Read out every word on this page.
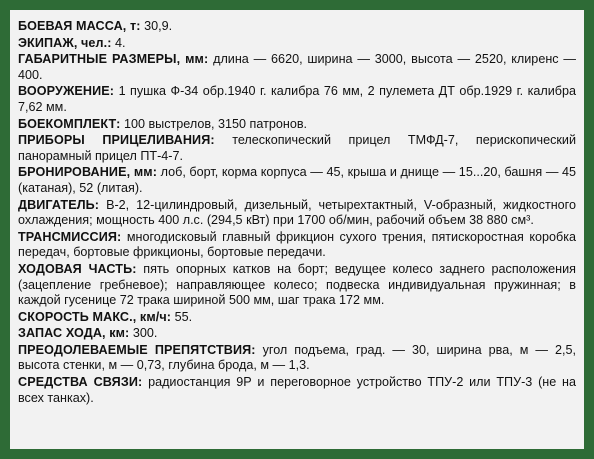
БОЕВАЯ МАССА, т: 30,9.
ЭКИПАЖ, чел.: 4.
ГАБАРИТНЫЕ РАЗМЕРЫ, мм: длина — 6620, ширина — 3000, высота — 2520, клиренс — 400.
ВООРУЖЕНИЕ: 1 пушка Ф-34 обр.1940 г. калибра 76 мм, 2 пулемета ДТ обр.1929 г. калибра 7,62 мм.
БОЕКОМПЛЕКТ: 100 выстрелов, 3150 патронов.
ПРИБОРЫ ПРИЦЕЛИВАНИЯ: телескопический прицел ТМФД-7, перископический панорамный прицел ПТ-4-7.
БРОНИРОВАНИЕ, мм: лоб, борт, корма корпуса — 45, крыша и днище — 15...20, башня — 45 (катаная), 52 (литая).
ДВИГАТЕЛЬ: В-2, 12-цилиндровый, дизельный, четырехтактный, V-образный, жидкостного охлаждения; мощность 400 л.с. (294,5 кВт) при 1700 об/мин, рабочий объем 38 880 см³.
ТРАНСМИССИЯ: многодисковый главный фрикцион сухого трения, пятискоростная коробка передач, бортовые фрикционы, бортовые передачи.
ХОДОВАЯ ЧАСТЬ: пять опорных катков на борт; ведущее колесо заднего расположения (зацепление гребневое); направляющее колесо; подвеска индивидуальная пружинная; в каждой гусенице 72 трака шириной 500 мм, шаг трака 172 мм.
СКОРОСТЬ МАКС., км/ч: 55.
ЗАПАС ХОДА, км: 300.
ПРЕОДОЛЕВАЕМЫЕ ПРЕПЯТСТВИЯ: угол подъема, град. — 30, ширина рва, м — 2,5, высота стенки, м — 0,73, глубина брода, м — 1,3.
СРЕДСТВА СВЯЗИ: радиостанция 9Р и переговорное устройство ТПУ-2 или ТПУ-3 (не на всех танках).
